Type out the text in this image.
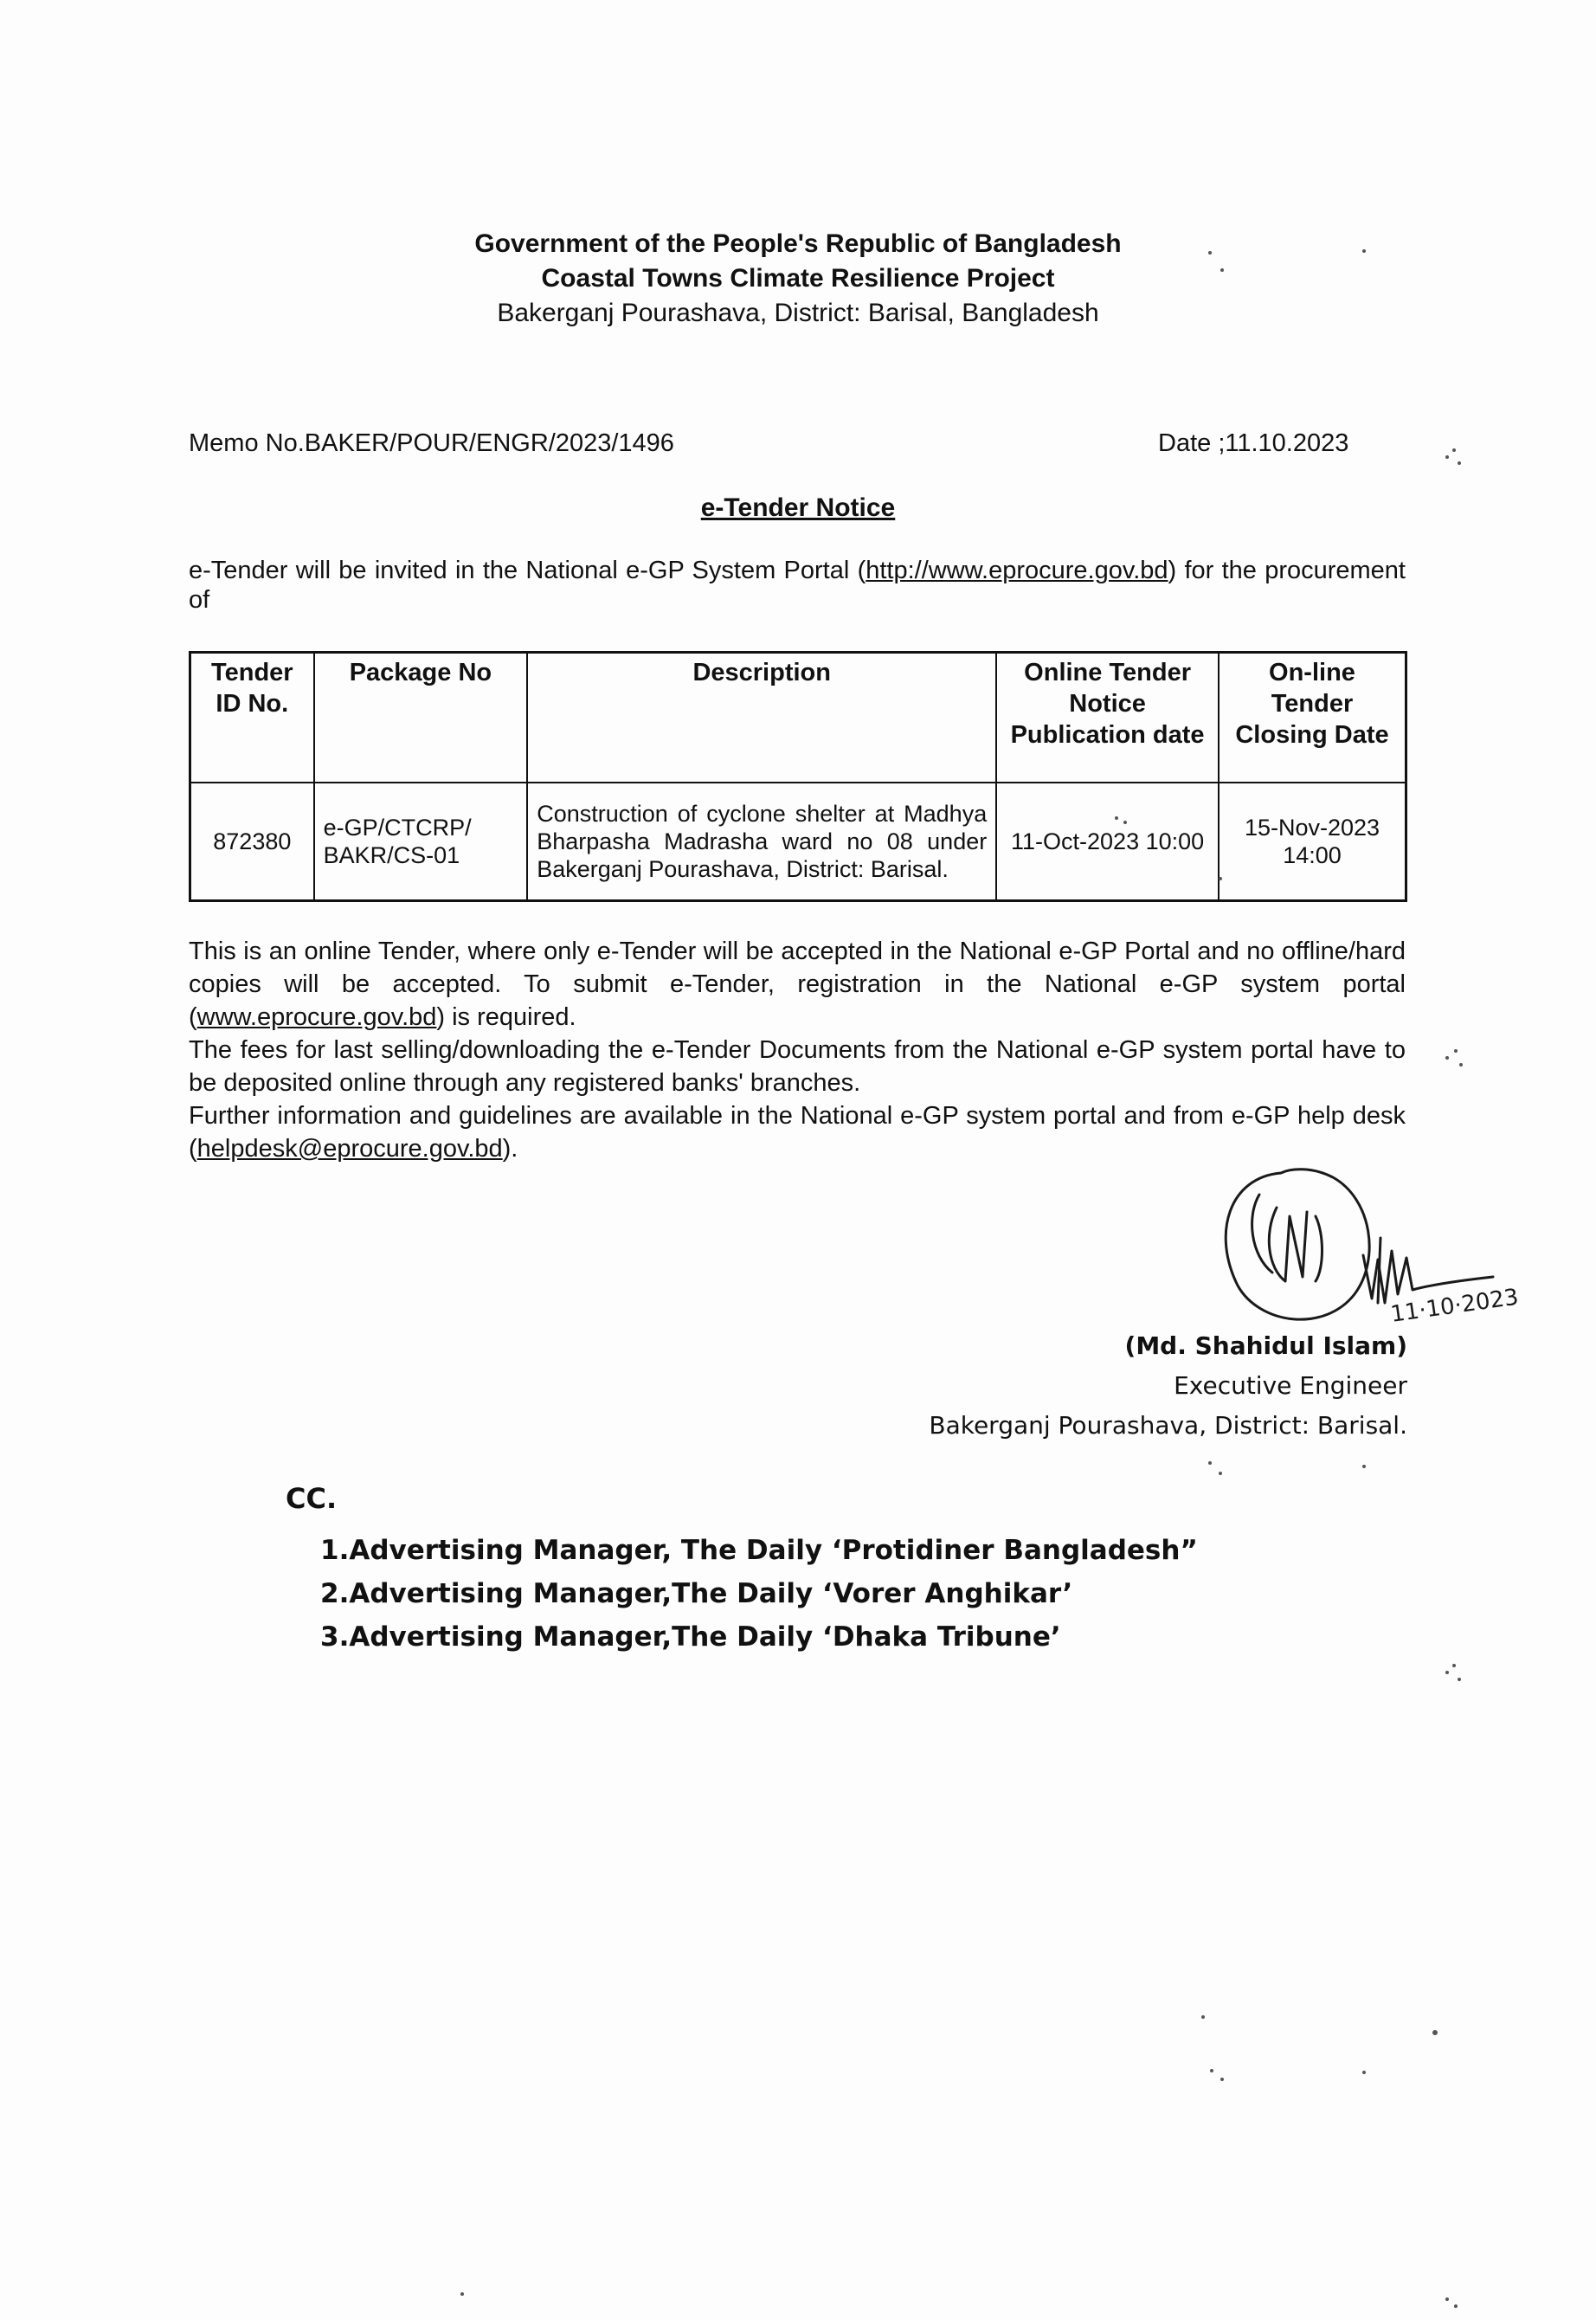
Government of the People's Republic of Bangladesh
Coastal Towns Climate Resilience Project
Bakerganj Pourashava, District: Barisal, Bangladesh
Memo No.BAKER/POUR/ENGR/2023/1496	Date ;11.10.2023
e-Tender Notice
e-Tender will be invited in the National e-GP System Portal (http://www.eprocure.gov.bd) for the procurement of
Tender ID No.	Package No	Description	Online Tender Notice Publication date	On-line Tender Closing Date
872380	e-GP/CTCRP/ BAKR/CS-01	Construction of cyclone shelter at Madhya Bharpasha Madrasha ward no 08 under Bakerganj Pourashava, District: Barisal.	11-Oct-2023 10:00	15-Nov-2023 14:00

This is an online Tender, where only e-Tender will be accepted in the National e-GP Portal and no offline/hard copies will be accepted. To submit e-Tender, registration in the National e-GP system portal (www.eprocure.gov.bd) is required.

The fees for last selling/downloading the e-Tender Documents from the National e-GP system portal have to be deposited online through any registered banks' branches.

Further information and guidelines are available in the National e-GP system portal and from e-GP help desk (helpdesk@eprocure.gov.bd).

11·10·2023
(Md. Shahidul Islam)
Executive Engineer
Bakerganj Pourashava, District: Barisal.
CC.
1.Advertising Manager, The Daily ‘Protidiner Bangladesh”
2.Advertising Manager,The Daily ‘Vorer Anghikar’
3.Advertising Manager,The Daily ‘Dhaka Tribune’
